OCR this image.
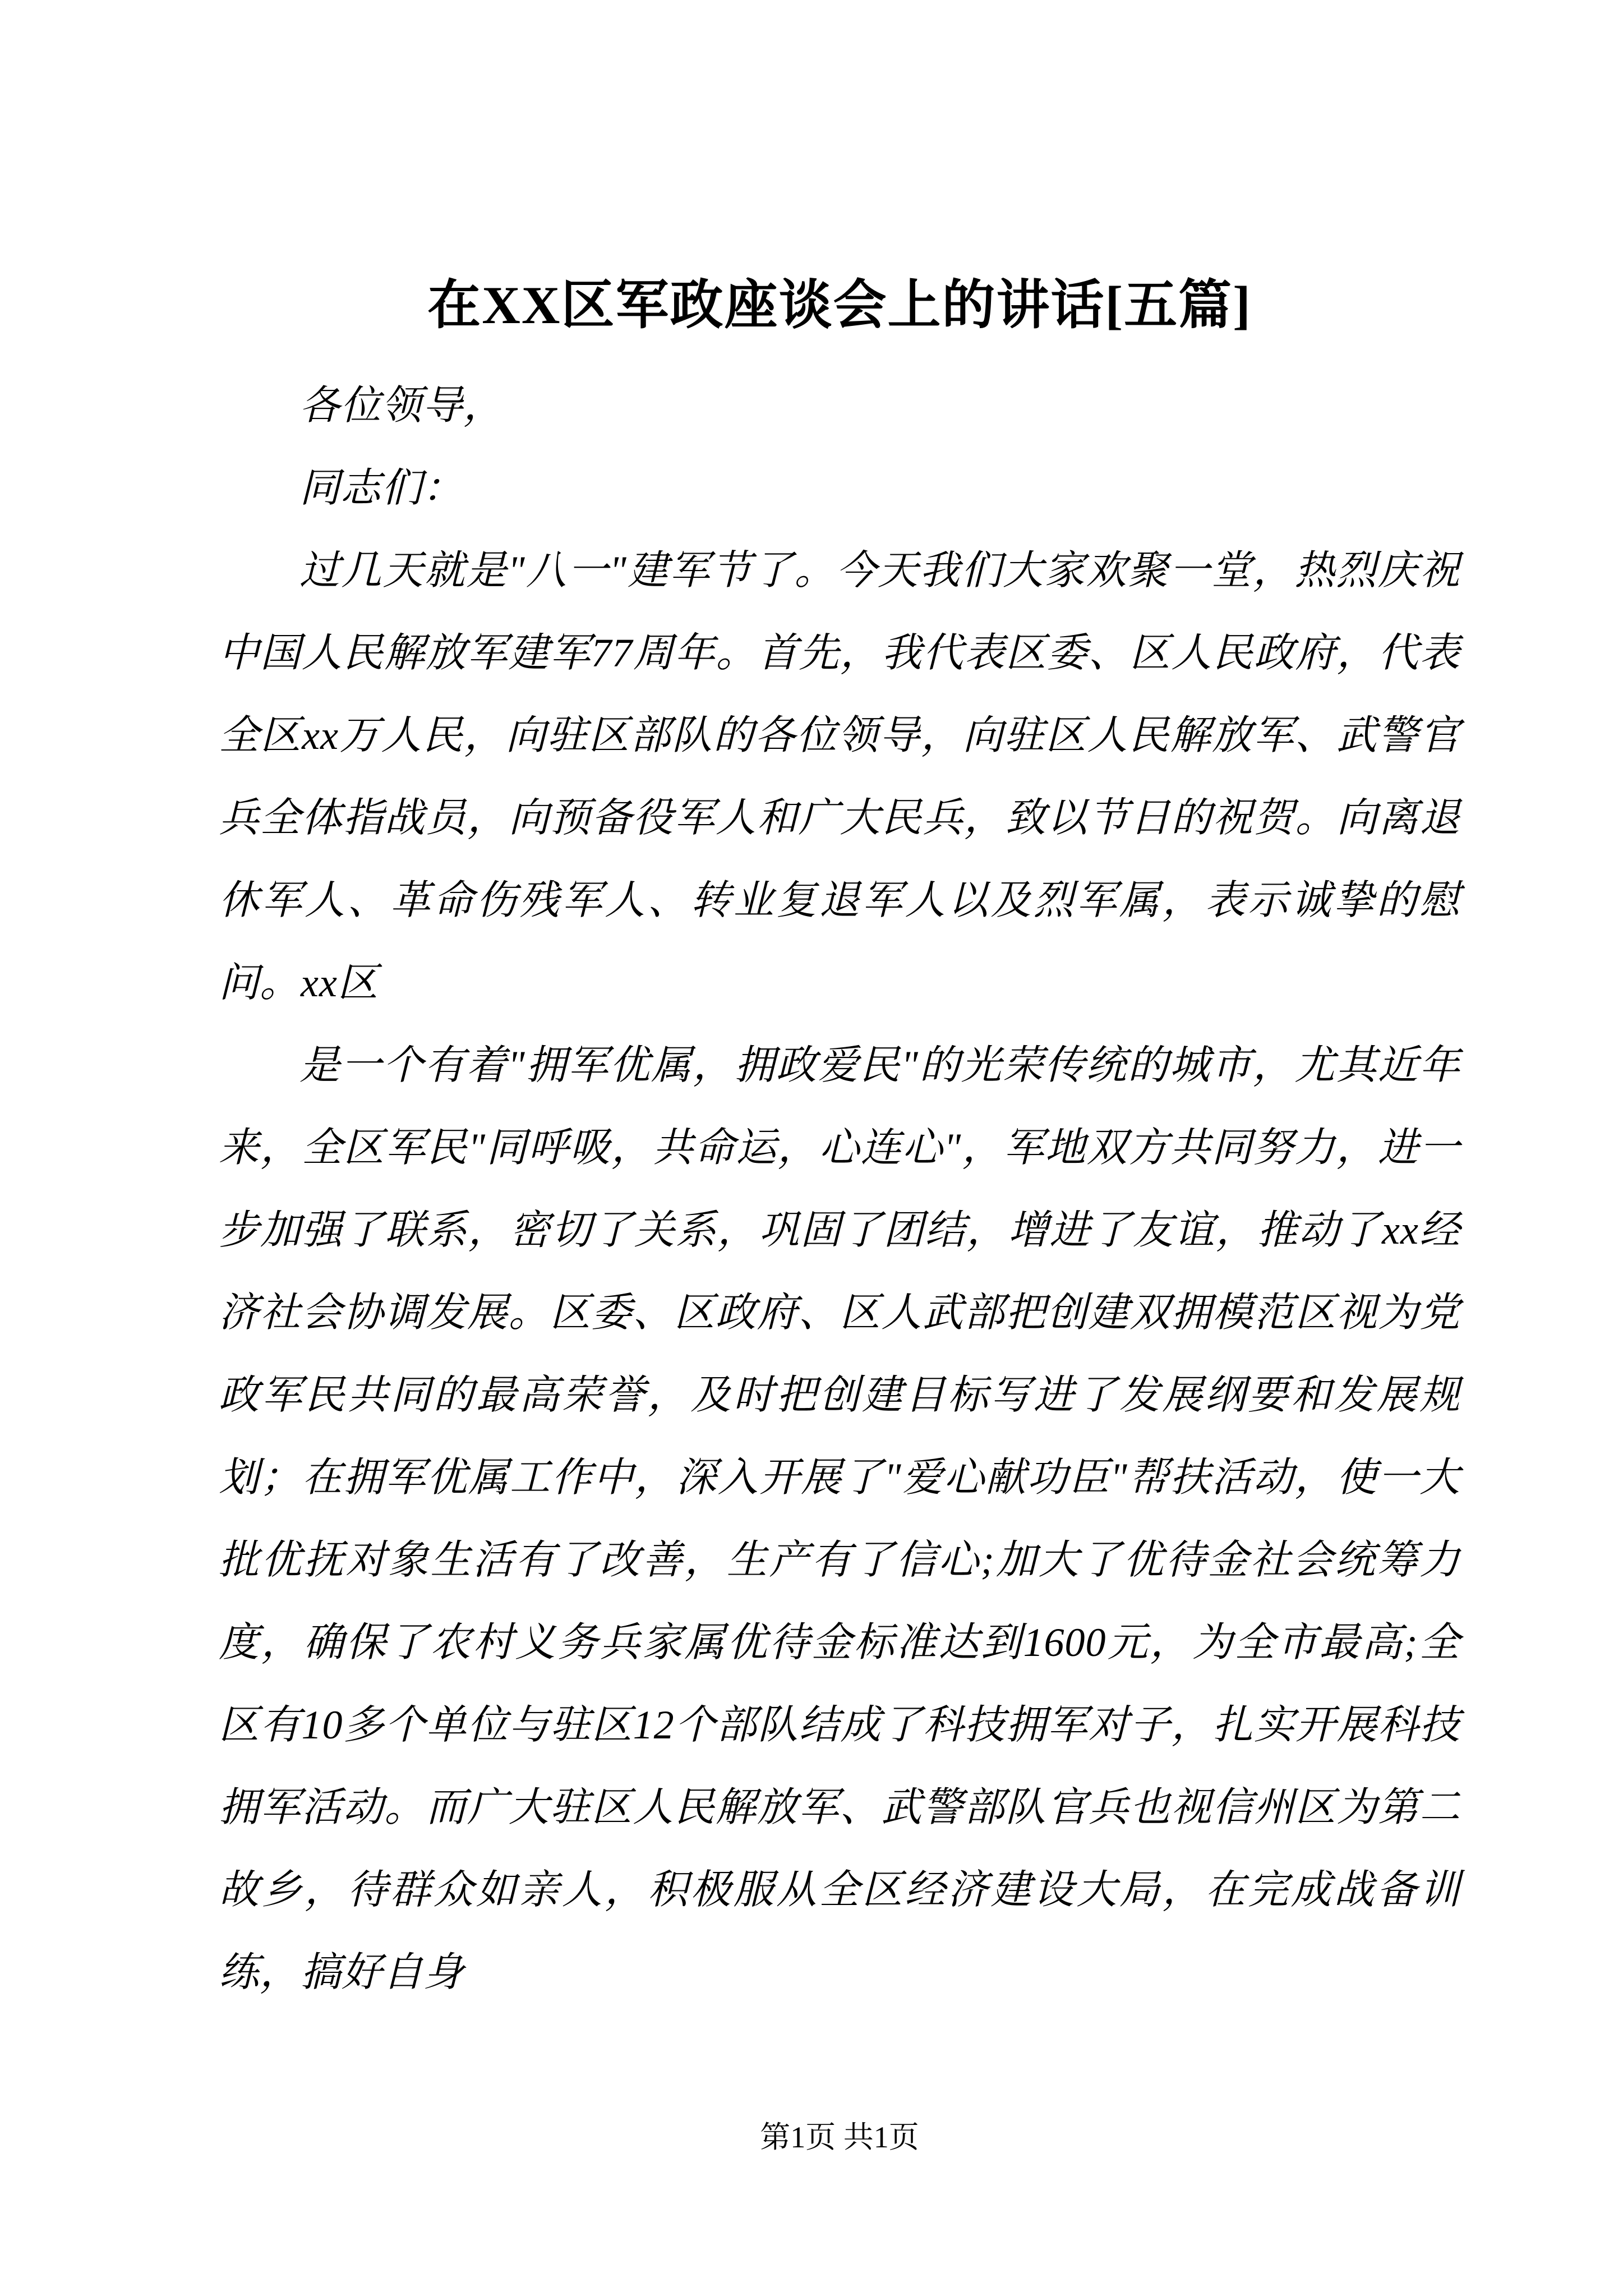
在XX区军政座谈会上的讲话[五篇]

各位领导，

同志们：

过几天就是"八一"建军节了。今天我们大家欢聚一堂，热烈庆祝中国人民解放军建军77周年。首先，我代表区委、区人民政府，代表全区xx万人民，向驻区部队的各位领导，向驻区人民解放军、武警官兵全体指战员，向预备役军人和广大民兵，致以节日的祝贺。向离退休军人、革命伤残军人、转业复退军人以及烈军属，表示诚挚的慰问。xx区

是一个有着"拥军优属，拥政爱民"的光荣传统的城市，尤其近年来，全区军民"同呼吸，共命运，心连心"，军地双方共同努力，进一步加强了联系，密切了关系，巩固了团结，增进了友谊，推动了xx经济社会协调发展。区委、区政府、区人武部把创建双拥模范区视为党政军民共同的最高荣誉，及时把创建目标写进了发展纲要和发展规划；在拥军优属工作中，深入开展了"爱心献功臣"帮扶活动，使一大批优抚对象生活有了改善，生产有了信心;加大了优待金社会统筹力度，确保了农村义务兵家属优待金标准达到1600元，为全市最高;全区有10多个单位与驻区12个部队结成了科技拥军对子，扎实开展科技拥军活动。而广大驻区人民解放军、武警部队官兵也视信州区为第二故乡，待群众如亲人，积极服从全区经济建设大局，在完成战备训练，搞好自身

第1页 共1页
